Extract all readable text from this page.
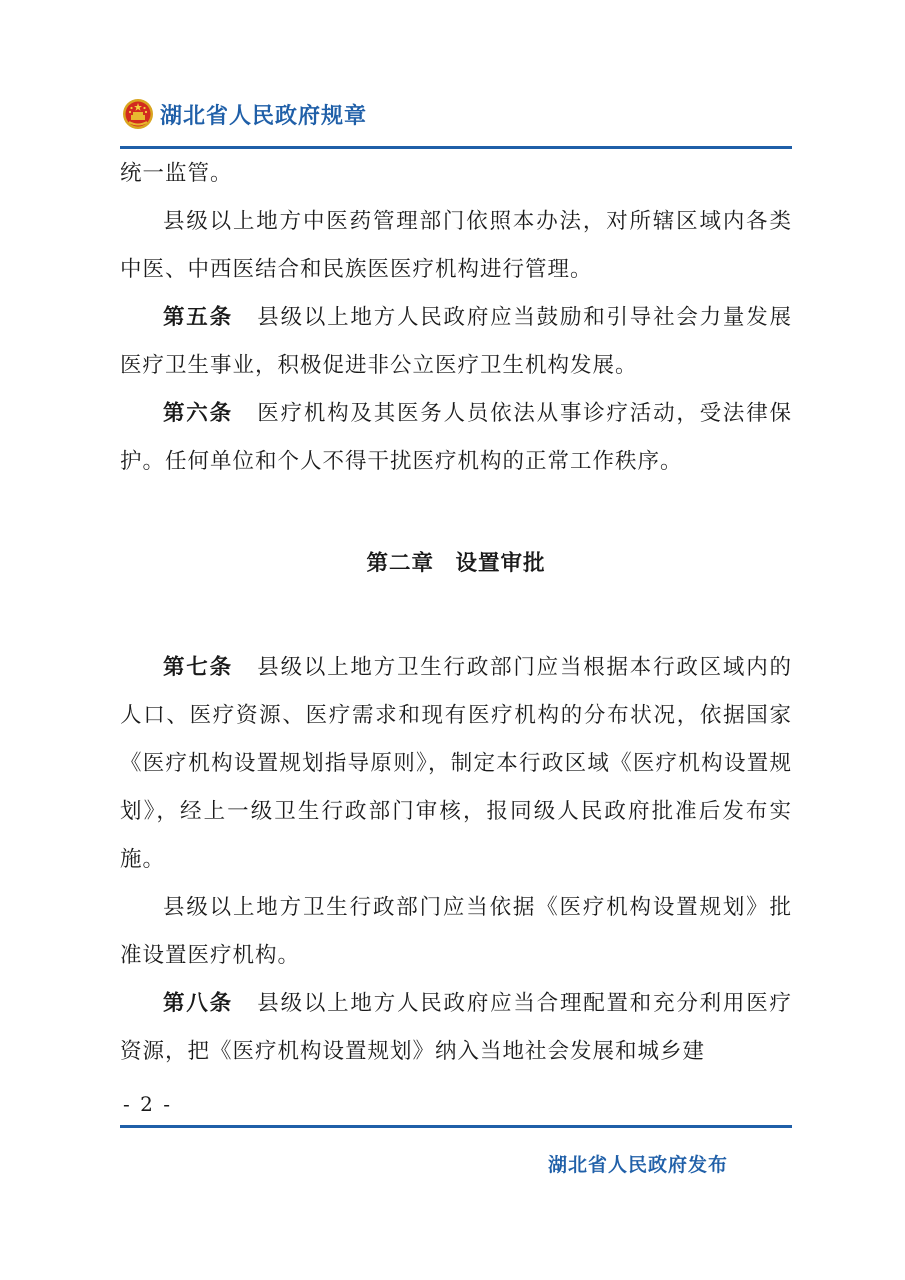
湖北省人民政府规章

统一监管。

县级以上地方中医药管理部门依照本办法，对所辖区域内各类中医、中西医结合和民族医医疗机构进行管理。

第五条 县级以上地方人民政府应当鼓励和引导社会力量发展医疗卫生事业，积极促进非公立医疗卫生机构发展。

第六条 医疗机构及其医务人员依法从事诊疗活动，受法律保护。任何单位和个人不得干扰医疗机构的正常工作秩序。

第二章 设置审批

第七条 县级以上地方卫生行政部门应当根据本行政区域内的人口、医疗资源、医疗需求和现有医疗机构的分布状况，依据国家《医疗机构设置规划指导原则》，制定本行政区域《医疗机构设置规划》，经上一级卫生行政部门审核，报同级人民政府批准后发布实施。

县级以上地方卫生行政部门应当依据《医疗机构设置规划》批准设置医疗机构。

第八条 县级以上地方人民政府应当合理配置和充分利用医疗资源，把《医疗机构设置规划》纳入当地社会发展和城乡建

- 2 -
湖北省人民政府发布
